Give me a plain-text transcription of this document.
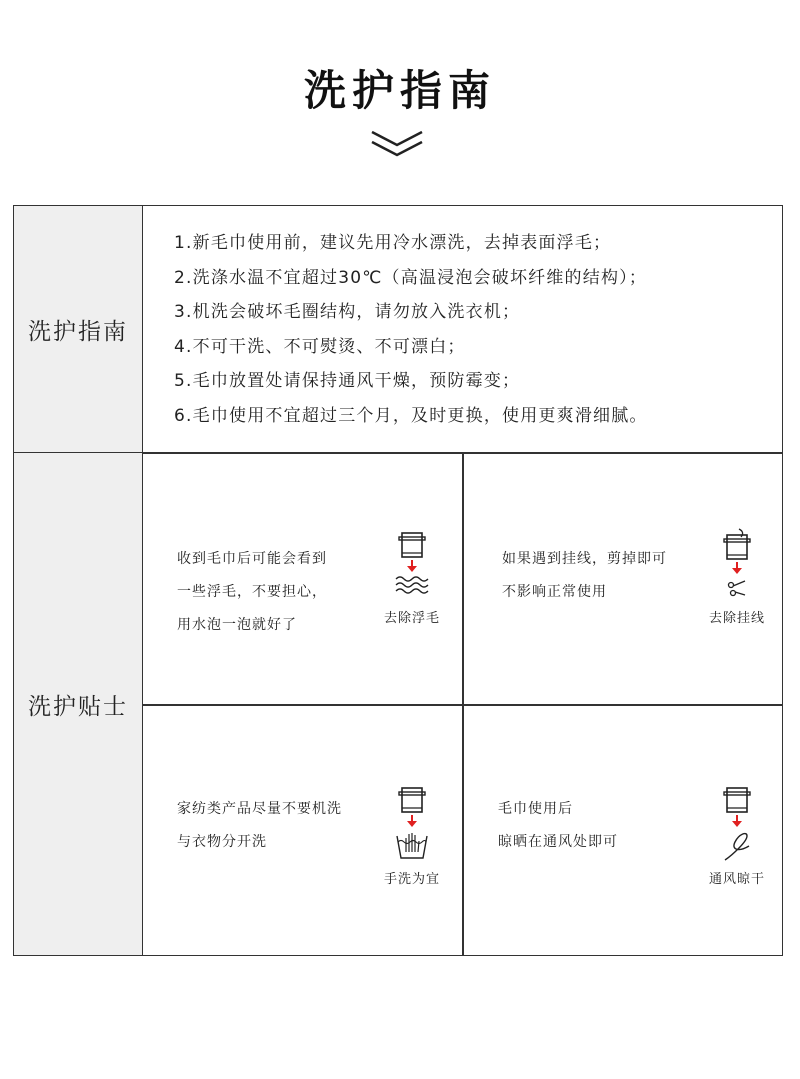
洗护指南
洗护指南
1.新毛巾使用前，建议先用冷水漂洗，去掉表面浮毛；
2.洗涤水温不宜超过30℃（高温浸泡会破坏纤维的结构）；
3.机洗会破坏毛圈结构，请勿放入洗衣机；
4.不可干洗、不可熨烫、不可漂白；
5.毛巾放置处请保持通风干燥，预防霉变；
6.毛巾使用不宜超过三个月，及时更换，使用更爽滑细腻。
洗护贴士
收到毛巾后可能会看到
一些浮毛，不要担心，
用水泡一泡就好了	去除浮毛
如果遇到挂线，剪掉即可
不影响正常使用
去除挂线
家纺类产品尽量不要机洗
与衣物分开洗
手洗为宜
毛巾使用后
晾晒在通风处即可
通风晾干
